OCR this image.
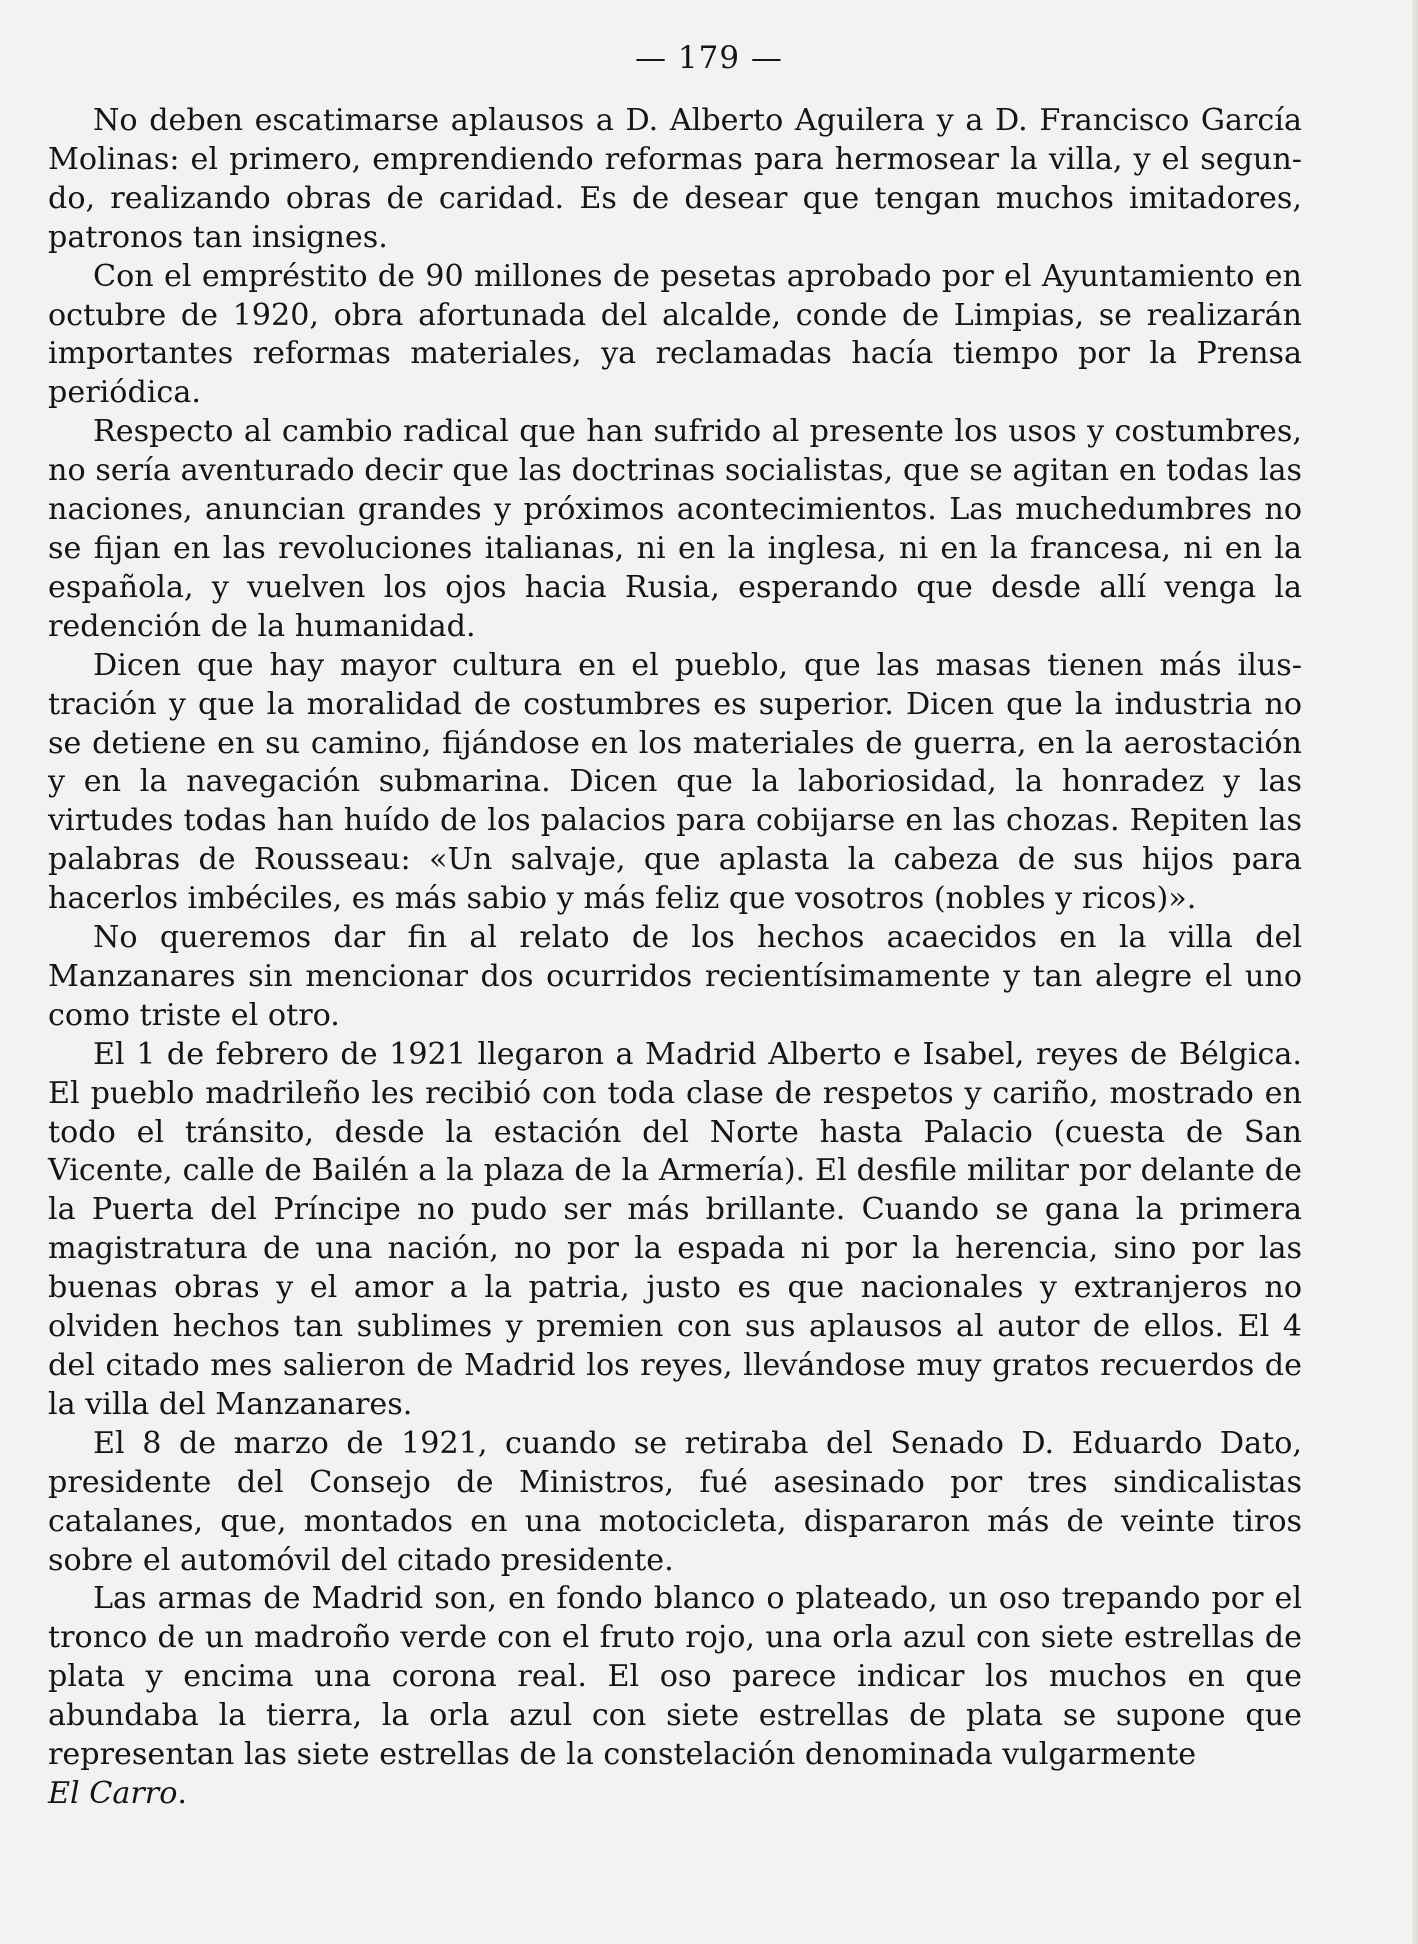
— 179 —

No deben escatimarse aplausos a D. Alberto Aguilera y a D. Francisco García Molinas: el primero, emprendiendo reformas para hermosear la villa, y el segundo, realizando obras de caridad. Es de desear que tengan muchos imitadores, patronos tan insignes.

Con el empréstito de 90 millones de pesetas aprobado por el Ayuntamiento en octubre de 1920, obra afortunada del alcalde, conde de Limpias, se realizarán importantes reformas materiales, ya reclamadas hacía tiempo por la Prensa periódica.

Respecto al cambio radical que han sufrido al presente los usos y costumbres, no sería aventurado decir que las doctrinas socialistas, que se agitan en todas las naciones, anuncian grandes y próximos acontecimientos. Las muchedumbres no se fijan en las revoluciones italianas, ni en la inglesa, ni en la francesa, ni en la española, y vuelven los ojos hacia Rusia, esperando que desde allí venga la redención de la humanidad.

Dicen que hay mayor cultura en el pueblo, que las masas tienen más ilustración y que la moralidad de costumbres es superior. Dicen que la industria no se detiene en su camino, fijándose en los materiales de guerra, en la aerostación y en la navegación submarina. Dicen que la laboriosidad, la honradez y las virtudes todas han huído de los palacios para cobijarse en las chozas. Repiten las palabras de Rousseau: «Un salvaje, que aplasta la cabeza de sus hijos para hacerlos imbéciles, es más sabio y más feliz que vosotros (nobles y ricos)».

No queremos dar fin al relato de los hechos acaecidos en la villa del Manzanares sin mencionar dos ocurridos recientísimamente y tan alegre el uno como triste el otro.

El 1 de febrero de 1921 llegaron a Madrid Alberto e Isabel, reyes de Bélgica. El pueblo madrileño les recibió con toda clase de respetos y cariño, mostrado en todo el tránsito, desde la estación del Norte hasta Palacio (cuesta de San Vicente, calle de Bailén a la plaza de la Armería). El desfile militar por delante de la Puerta del Príncipe no pudo ser más brillante. Cuando se gana la primera magistratura de una nación, no por la espada ni por la herencia, sino por las buenas obras y el amor a la patria, justo es que nacionales y extranjeros no olviden hechos tan sublimes y premien con sus aplausos al autor de ellos. El 4 del citado mes salieron de Madrid los reyes, llevándose muy gratos recuerdos de la villa del Manzanares.

El 8 de marzo de 1921, cuando se retiraba del Senado D. Eduardo Dato, presidente del Consejo de Ministros, fué asesinado por tres sindicalistas catalanes, que, montados en una motocicleta, dispararon más de veinte tiros sobre el automóvil del citado presidente.

Las armas de Madrid son, en fondo blanco o plateado, un oso trepando por el tronco de un madroño verde con el fruto rojo, una orla azul con siete estrellas de plata y encima una corona real. El oso parece indicar los muchos en que abundaba la tierra, la orla azul con siete estrellas de plata se supone que representan las siete estrellas de la constelación denominada vulgarmente
El Carro.
